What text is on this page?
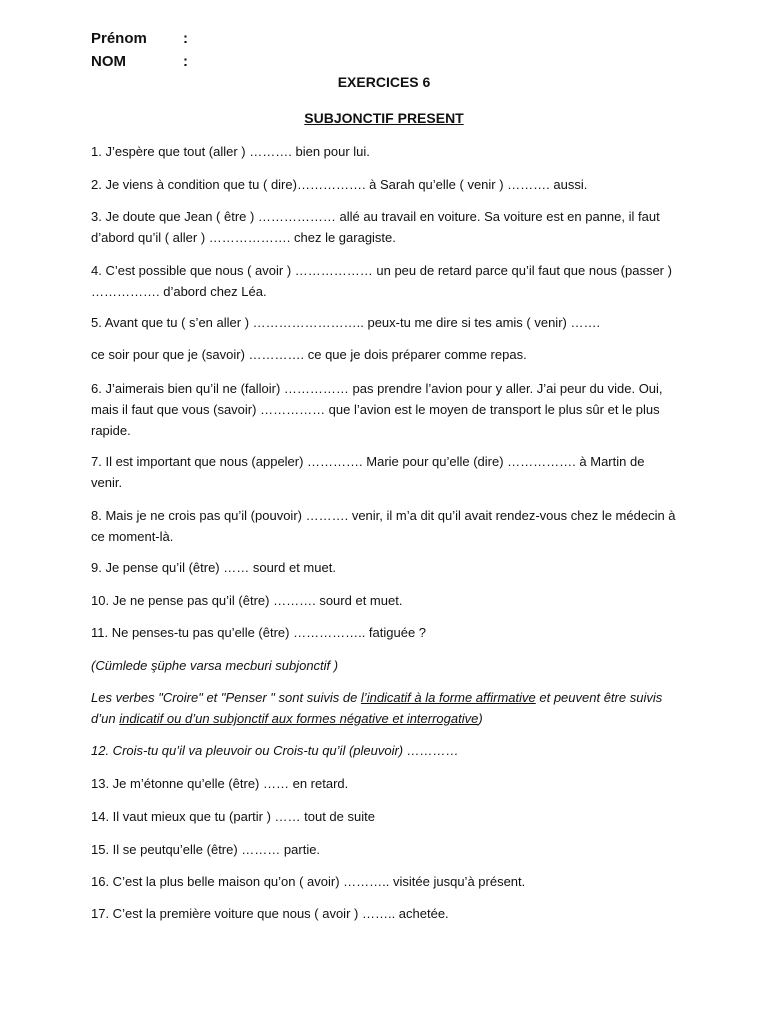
Prénom :
NOM	:
EXERCICES 6
SUBJONCTIF PRESENT

1. J’espère que tout (aller ) ………. bien pour lui.

2. Je viens à condition que tu ( dire)……………. à Sarah qu’elle ( venir ) ………. aussi.

3. Je doute que Jean ( être ) ……………… allé au travail en voiture. Sa voiture est en panne, il faut d’abord qu’il ( aller ) ………………. chez le garagiste.

4. C’est possible que nous ( avoir ) ……………… un peu de retard parce qu’il faut que nous (passer ) ……………. d’abord chez Léa.

5. Avant que tu ( s’en aller ) …………………….. peux-tu me dire si tes amis ( venir) …….

ce soir pour que je (savoir) …………. ce que je dois préparer comme repas.

6. J’aimerais bien qu’il ne (falloir) …………… pas prendre l’avion pour y aller. J’ai peur du vide. Oui, mais il faut que vous (savoir) …………… que l’avion est le moyen de transport le plus sûr et le plus rapide.

7. Il est important que nous (appeler) …………. Marie pour qu’elle (dire) ……………. à Martin de venir.

8. Mais je ne crois pas qu’il (pouvoir) ………. venir, il m’a dit qu’il avait rendez-vous chez le médecin à ce moment-là.

9. Je pense qu’il (être) …… sourd et muet.

10. Je ne pense pas qu’il (être) ………. sourd et muet.

11. Ne penses-tu pas qu’elle (être) …………….. fatiguée ?

(Cümlede şüphe varsa mecburi subjonctif )

Les verbes "Croire" et "Penser " sont suivis de l’indicatif à la forme affirmative et peuvent être suivis d’un indicatif ou d’un subjonctif aux formes négative et interrogative)

12. Crois-tu qu’il va pleuvoir ou Crois-tu qu’il (pleuvoir) …………

13. Je m’étonne qu’elle (être) …… en retard.

14. Il vaut mieux que tu (partir ) …… tout de suite

15. Il se peutqu’elle (être) ……… partie.

16. C’est la plus belle maison qu’on ( avoir) ……….. visitée jusqu’à présent.

17. C’est la première voiture que nous ( avoir ) …….. achetée.
